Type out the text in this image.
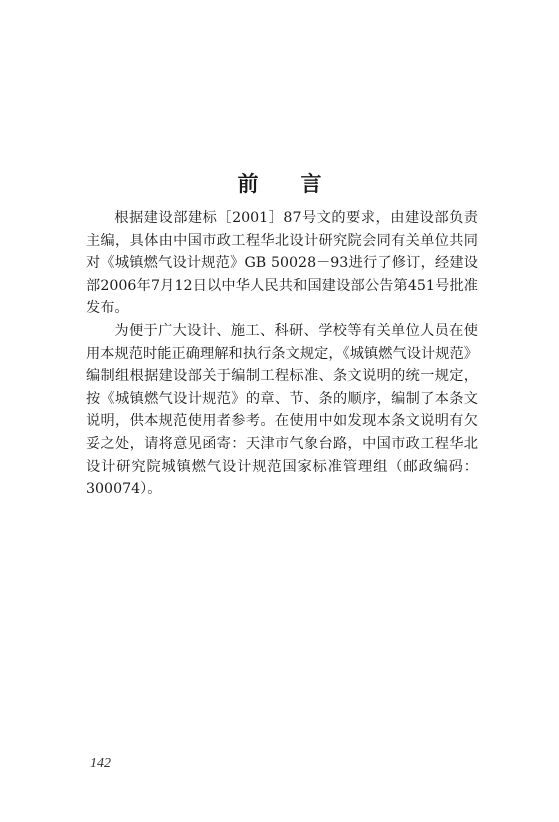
前 言

根据建设部建标［2001］87号文的要求，由建设部负责主编，具体由中国市政工程华北设计研究院会同有关单位共同对《城镇燃气设计规范》GB 50028－93进行了修订，经建设部2006年7月12日以中华人民共和国建设部公告第451号批准发布。

为便于广大设计、施工、科研、学校等有关单位人员在使用本规范时能正确理解和执行条文规定，《城镇燃气设计规范》编制组根据建设部关于编制工程标准、条文说明的统一规定，按《城镇燃气设计规范》的章、节、条的顺序，编制了本条文说明，供本规范使用者参考。在使用中如发现本条文说明有欠妥之处，请将意见函寄：天津市气象台路，中国市政工程华北设计研究院城镇燃气设计规范国家标准管理组（邮政编码：300074）。

142
